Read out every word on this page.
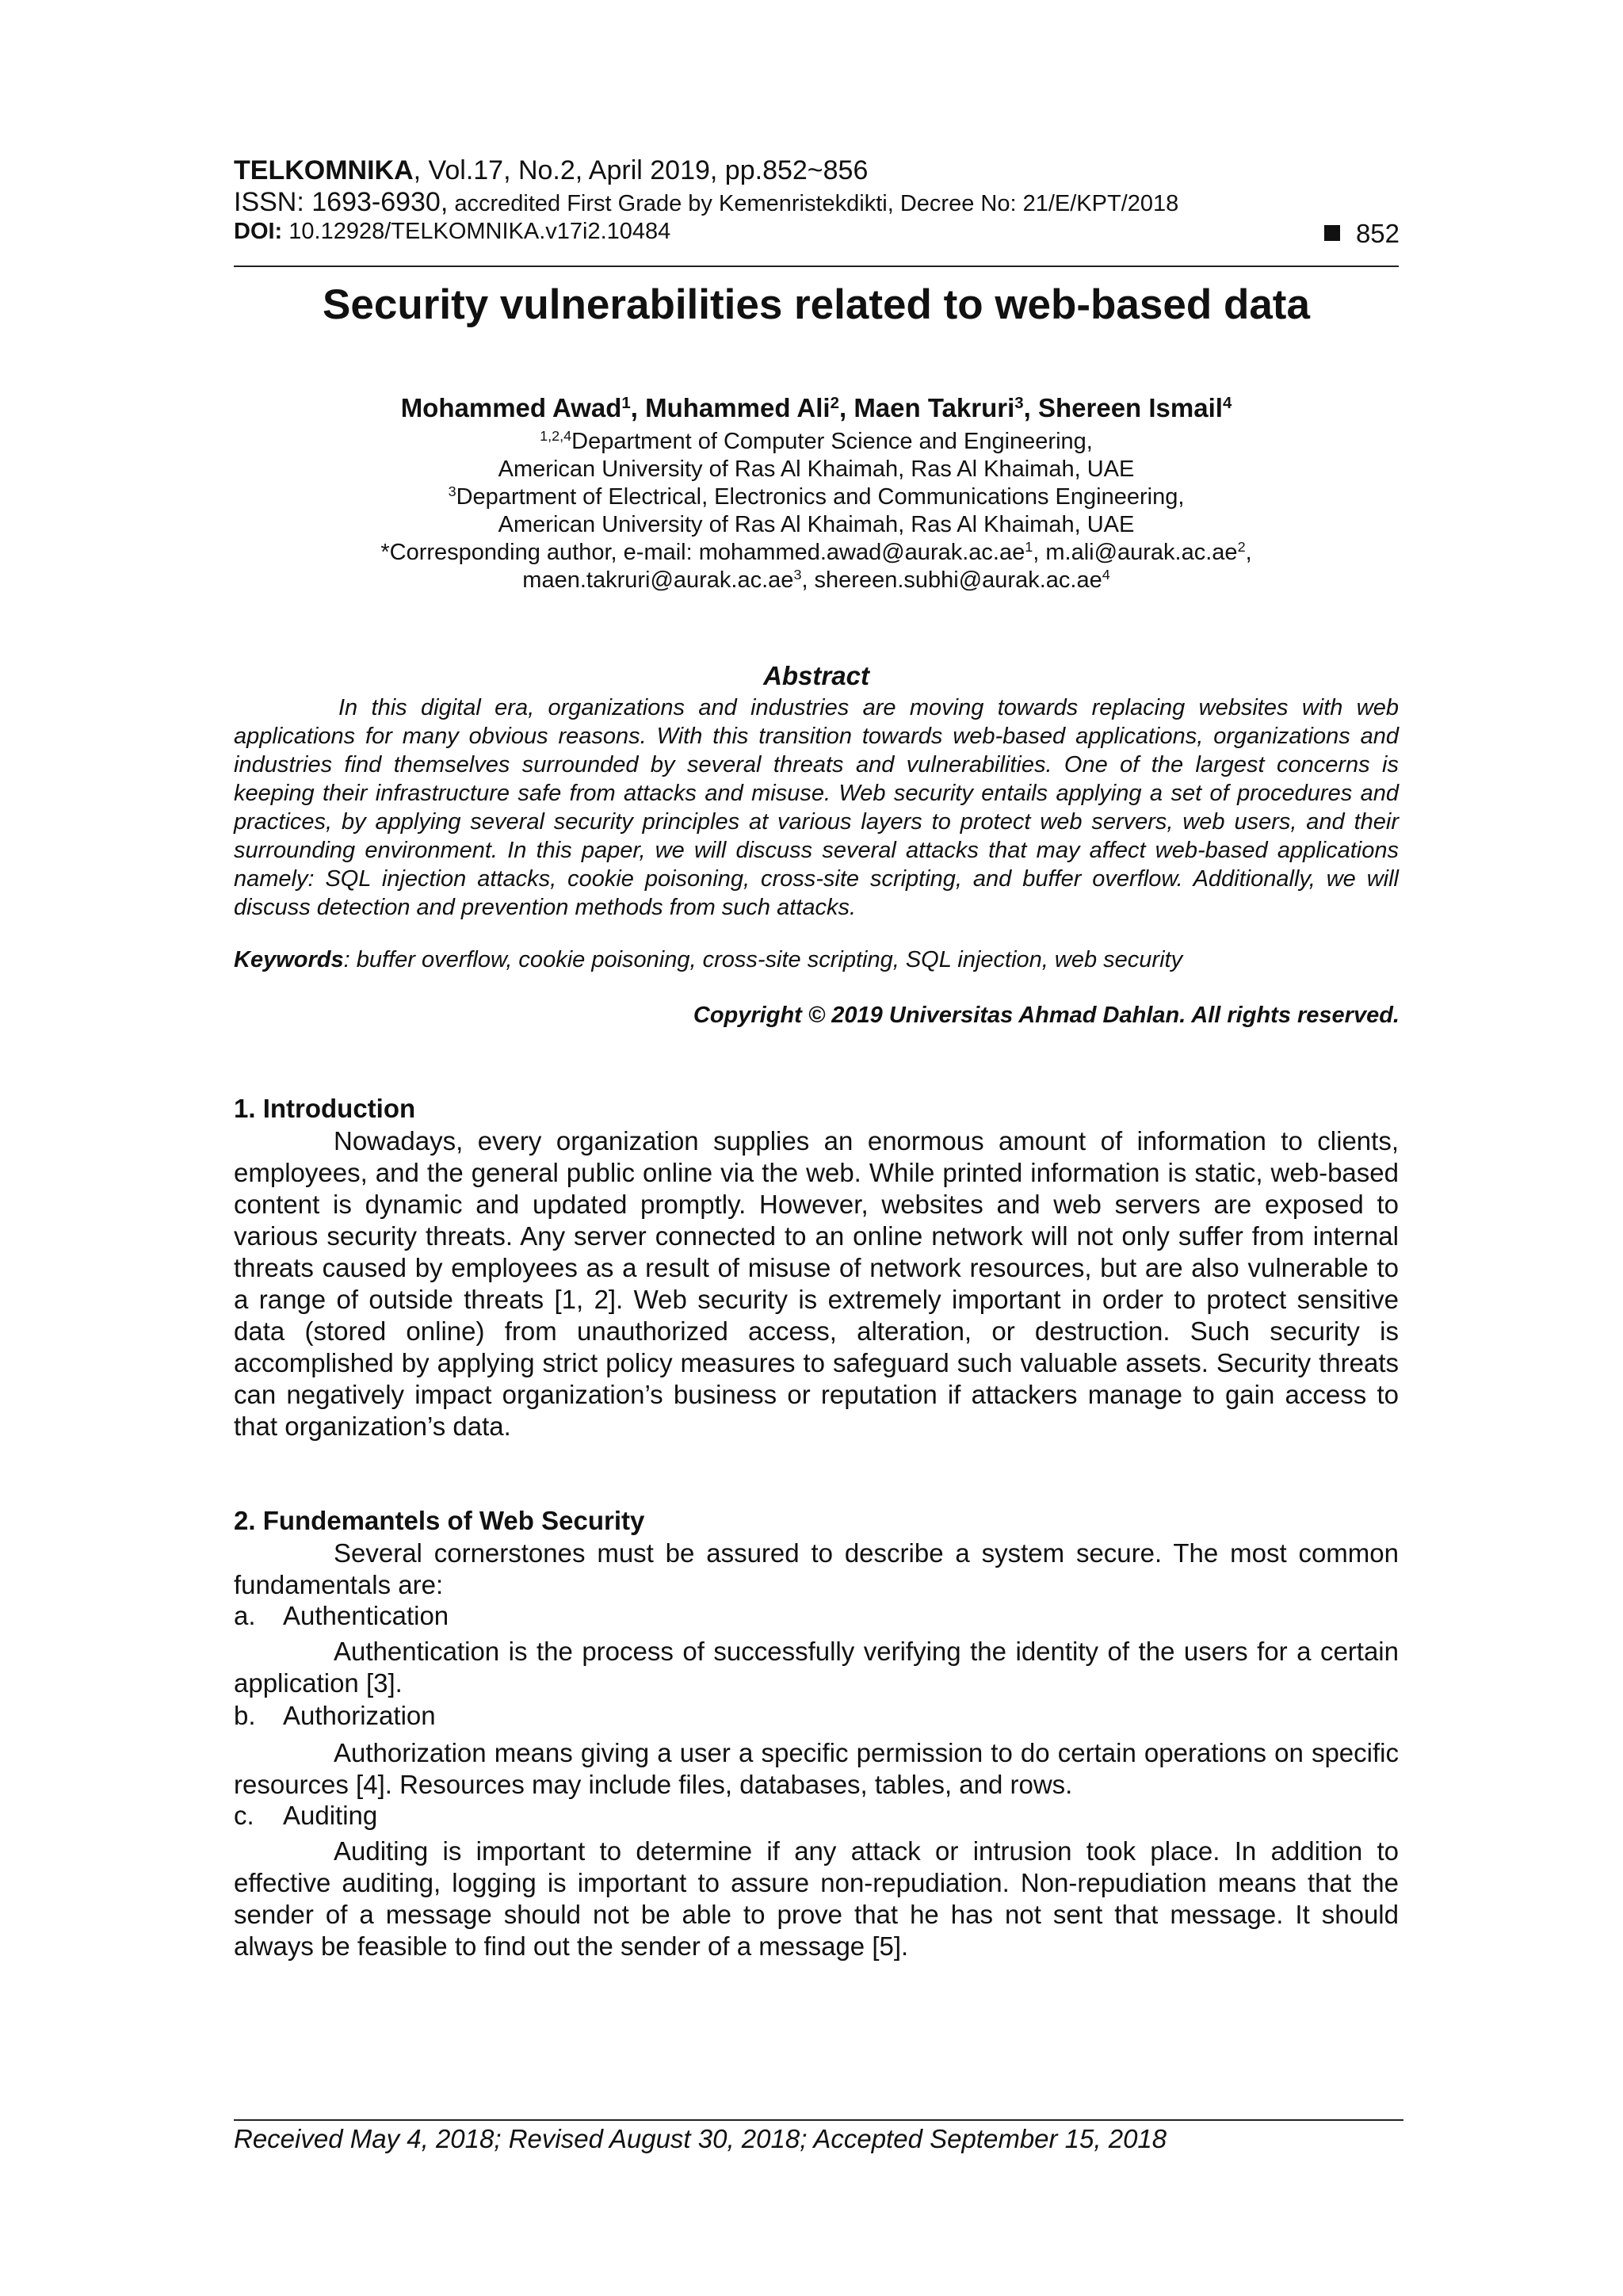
TELKOMNIKA, Vol.17, No.2, April 2019, pp.852~856
ISSN: 1693-6930, accredited First Grade by Kemenristekdikti, Decree No: 21/E/KPT/2018
DOI: 10.12928/TELKOMNIKA.v17i2.10484	852
Security vulnerabilities related to web-based data
Mohammed Awad$^1$, Muhammed Ali$^2$, Maen Takruri$^3$, Shereen Ismail$^4$
$^{1,2,4}$Department of Computer Science and Engineering,
American University of Ras Al Khaimah, Ras Al Khaimah, UAE
$^3$Department of Electrical, Electronics and Communications Engineering,
American University of Ras Al Khaimah, Ras Al Khaimah, UAE
*Corresponding author, e-mail: $mohammed.awad@aurak.ac.ae^1$, $m.ali@aurak.ac.ae^2$,
$maen.takruri@aurak.ac.ae^3$, $shereen.subhi@aurak.ac.ae^4$
Abstract
In this digital era, organizations and industries are moving towards replacing websites with web applications for many obvious reasons. With this transition towards web-based applications, organizations and industries find themselves surrounded by several threats and vulnerabilities. One of the largest concerns is keeping their infrastructure safe from attacks and misuse. Web security entails applying a set of procedures and practices, by applying several security principles at various layers to protect web servers, web users, and their surrounding environment. In this paper, we will discuss several attacks that may affect web-based applications namely: SQL injection attacks, cookie poisoning, cross-site scripting, and buffer overflow. Additionally, we will discuss detection and prevention methods from such attacks.
Keywords: buffer overflow, cookie poisoning, cross-site scripting, SQL injection, web security
Copyright © 2019 Universitas Ahmad Dahlan. All rights reserved.
1. Introduction
Nowadays, every organization supplies an enormous amount of information to clients, employees, and the general public online via the web. While printed information is static, web-based content is dynamic and updated promptly. However, websites and web servers are exposed to various security threats. Any server connected to an online network will not only suffer from internal threats caused by employees as a result of misuse of network resources, but are also vulnerable to a range of outside threats [1, 2]. Web security is extremely important in order to protect sensitive data (stored online) from unauthorized access, alteration, or destruction. Such security is accomplished by applying strict policy measures to safeguard such valuable assets. Security threats can negatively impact organization’s business or reputation if attackers manage to gain access to that organization’s data.
2. Fundemantels of Web Security
Several cornerstones must be assured to describe a system secure. The most common fundamentals are:
a. Authentication
Authentication is the process of successfully verifying the identity of the users for a certain application [3].
b. Authorization
Authorization means giving a user a specific permission to do certain operations on specific resources [4]. Resources may include files, databases, tables, and rows.
c. Auditing
Auditing is important to determine if any attack or intrusion took place. In addition to effective auditing, logging is important to assure non-repudiation. Non-repudiation means that the sender of a message should not be able to prove that he has not sent that message. It should always be feasible to find out the sender of a message [5].
Received May 4, 2018; Revised August 30, 2018; Accepted September 15, 2018
